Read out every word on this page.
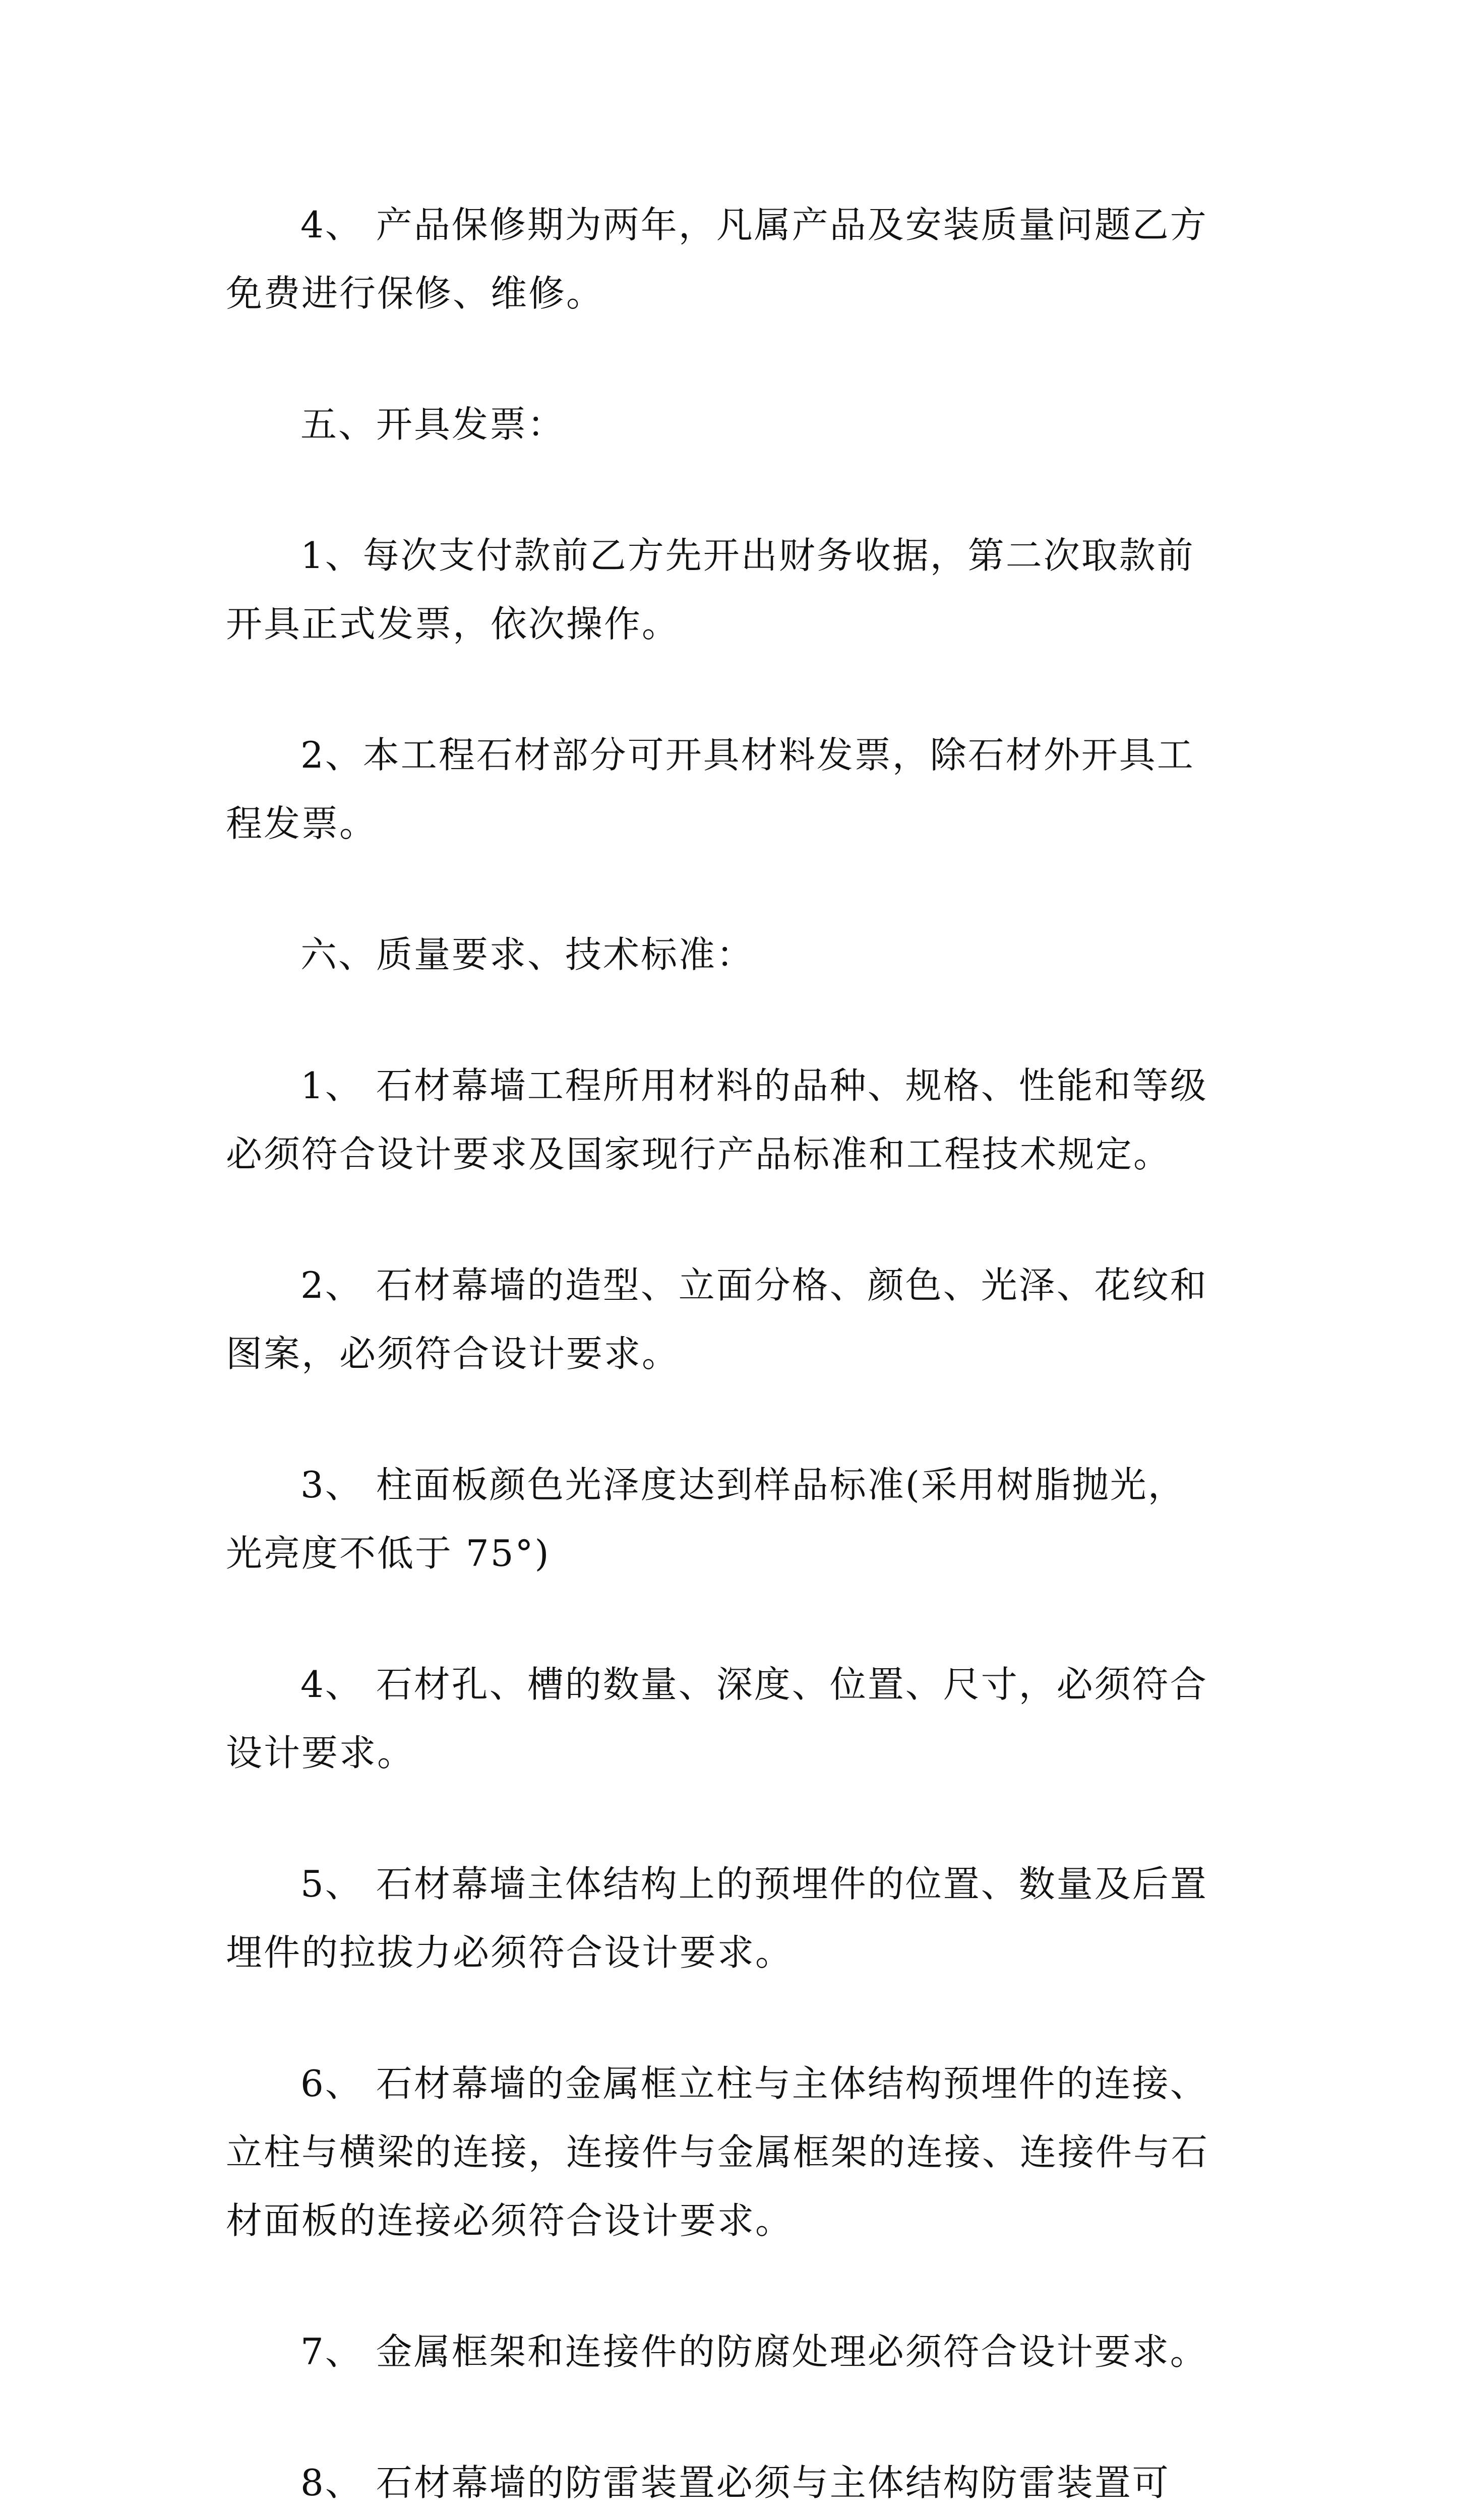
4、 产品保修期为两年，凡属产品及安装质量问题乙方
免费进行保修、维修。

五、开具发票：

1、每次支付款前乙方先开出财务收据，第二次取款前
开具正式发票，依次操作。

2、本工程石材部分可开具材料发票，除石材外开具工
程发票。

六、质量要求、技术标准：

1、 石材幕墙工程所用材料的品种、规格、性能和等级
必须符合设计要求及国家现行产品标准和工程技术规定。

2、 石材幕墙的造型、立面分格、颜色、光泽、花纹和
图案，必须符合设计要求。

3、 柱面板颜色光泽度达到样品标准(采用树脂抛光，
光亮度不低于 75°)

4、 石材孔、槽的数量、深度、位置、尺寸，必须符合
设计要求。

5、 石材幕墙主体结构上的预埋件的位置、数量及后置
埋件的拉拔力必须符合设计要求。

6、 石材幕墙的金属框立柱与主体结构预埋件的连接、
立柱与横梁的连接，连接件与金属框架的连接、连接件与石
材面板的连接必须符合设计要求。

7、 金属框架和连接件的防腐处理必须符合设计要求。

8、 石材幕墙的防雷装置必须与主体结构防雷装置可
